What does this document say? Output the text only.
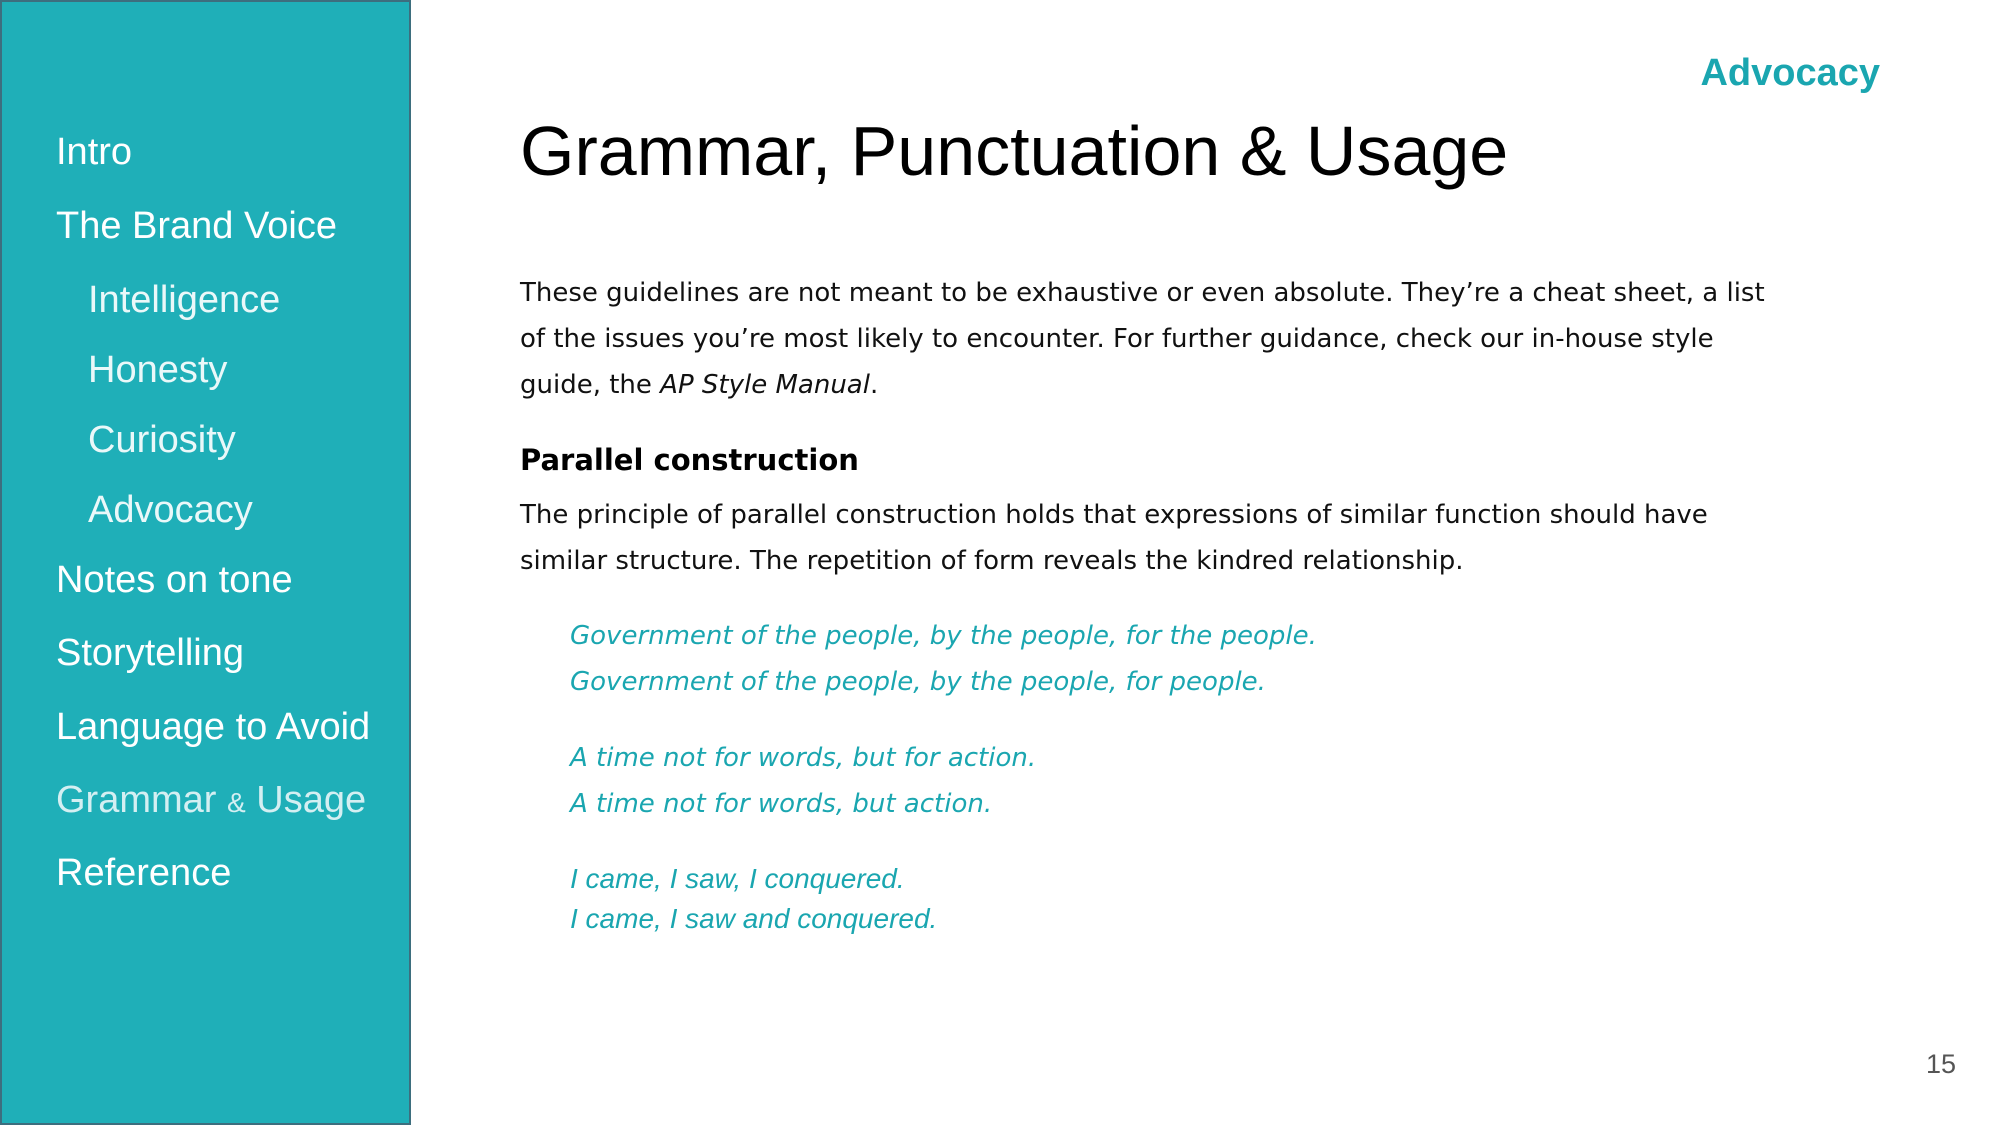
Intro
The Brand Voice
Intelligence
Honesty
Curiosity
Advocacy
Notes on tone
Storytelling
Language to Avoid
Grammar & Usage
Reference
Advocacy
Grammar, Punctuation & Usage

These guidelines are not meant to be exhaustive or even absolute. They’re a cheat sheet, a list of the issues you’re most likely to encounter. For further guidance, check our in-house style guide, the AP Style Manual.

Parallel construction

The principle of parallel construction holds that expressions of similar function should have similar structure. The repetition of form reveals the kindred relationship.

Government of the people, by the people, for the people.

Government of the people, by the people, for people.

A time not for words, but for action.

A time not for words, but action.

I came, I saw, I conquered.

I came, I saw and conquered.

15
